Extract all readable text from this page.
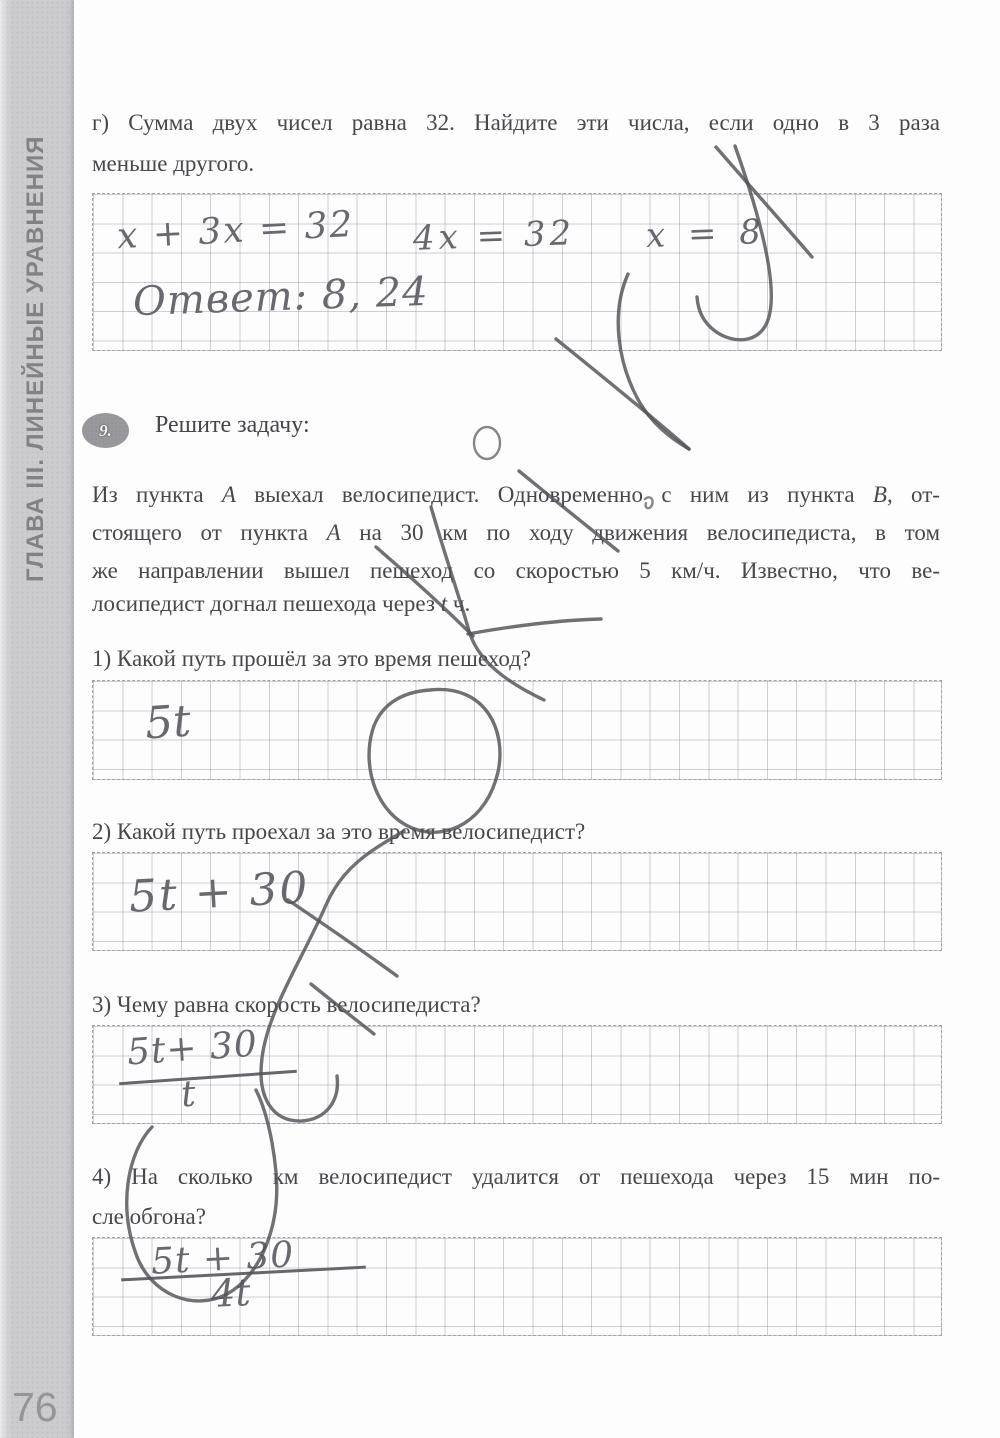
ГЛАВА III. ЛИНЕЙНЫЕ УРАВНЕНИЯ
76
г) Сумма двух чисел равна 32. Найдите эти числа, если одно в 3 раза
меньше другого.
x + 3x = 32 4x = 32 x = 8
Ответ: 8, 24
9. Решите задачу:
Из пункта A выехал велосипедист. Одновременно с ним из пункта B, от-
стоящего от пункта A на 30 км по ходу движения велосипедиста, в том
же направлении вышел пешеход со скоростью 5 км/ч. Известно, что ве-
лосипедист догнал пешехода через t ч.
1) Какой путь прошёл за это время пешеход?
5t
2) Какой путь проехал за это время велосипедист?
5t + 30
3) Чему равна скорость велосипедиста?
5t+ 30
t
4) На сколько км велосипедист удалится от пешехода через 15 мин по-
сле обгона?
5t + 30
4t
